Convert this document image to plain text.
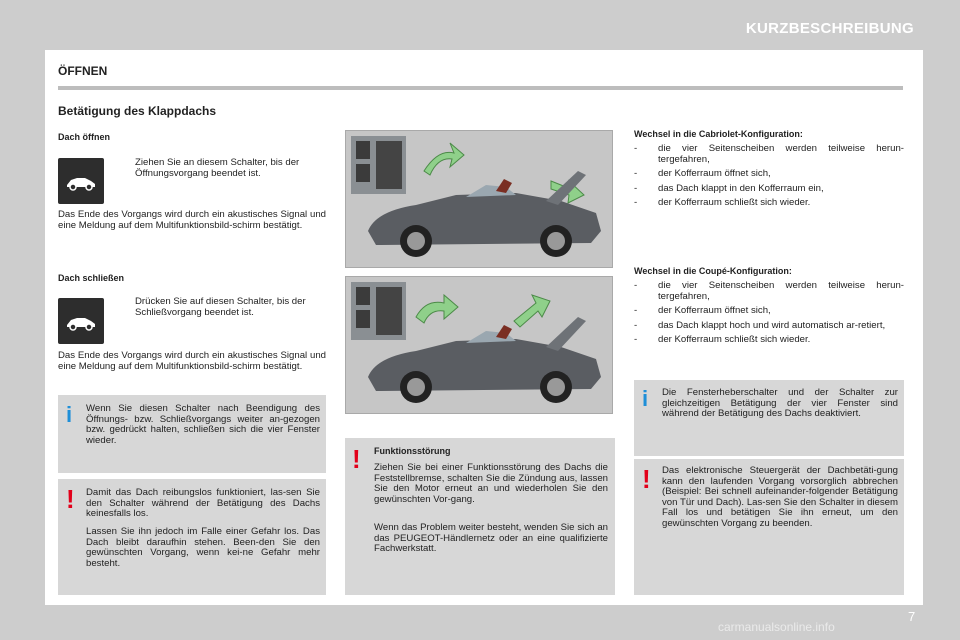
KURZBESCHREIBUNG
7
carmanualsonline.info
ÖFFNEN
Betätigung des Klappdachs
Dach öffnen
Ziehen Sie an diesem Schalter, bis der Öffnungsvorgang beendet ist.
Das Ende des Vorgangs wird durch ein akustisches Signal und eine Meldung auf dem Multifunktionsbild-schirm bestätigt.
Dach schließen
Drücken Sie auf diesen Schalter, bis der Schließvorgang beendet ist.
Das Ende des Vorgangs wird durch ein akustisches Signal und eine Meldung auf dem Multifunktionsbild-schirm bestätigt.
i Wenn Sie diesen Schalter nach Beendigung des Öffnungs- bzw. Schließvorgangs weiter an-gezogen bzw. gedrückt halten, schließen sich die vier Fenster wieder.
! Damit das Dach reibungslos funktioniert, las-sen Sie den Schalter während der Betätigung des Dachs keinesfalls los.
Lassen Sie ihn jedoch im Falle einer Gefahr los. Das Dach bleibt daraufhin stehen. Been-den Sie den gewünschten Vorgang, wenn kei-ne Gefahr mehr besteht.
! Funktionsstörung
Ziehen Sie bei einer Funktionsstörung des Dachs die Feststellbremse, schalten Sie die Zündung aus, lassen Sie den Motor erneut an und wiederholen Sie den gewünschten Vor-gang.
Wenn das Problem weiter besteht, wenden Sie sich an das PEUGEOT-Händlernetz oder an eine qualifizierte Fachwerkstatt.
Wechsel in die Cabriolet-Konfiguration:
- die vier Seitenscheiben werden teilweise herun-tergefahren,
- der Kofferraum öffnet sich,
- das Dach klappt in den Kofferraum ein,
- der Kofferraum schließt sich wieder.
Wechsel in die Coupé-Konfiguration:
- die vier Seitenscheiben werden teilweise herun-tergefahren,
- der Kofferraum öffnet sich,
- das Dach klappt hoch und wird automatisch ar-retiert,
- der Kofferraum schließt sich wieder.
i Die Fensterheberschalter und der Schalter zur gleichzeitigen Betätigung der vier Fenster sind während der Betätigung des Dachs deaktiviert.
! Das elektronische Steuergerät der Dachbetäti-gung kann den laufenden Vorgang vorsorglich abbrechen (Beispiel: Bei schnell aufeinander-folgender Betätigung von Tür und Dach). Las-sen Sie den Schalter in diesem Fall los und betätigen Sie ihn erneut, um den gewünschten Vorgang zu beenden.
